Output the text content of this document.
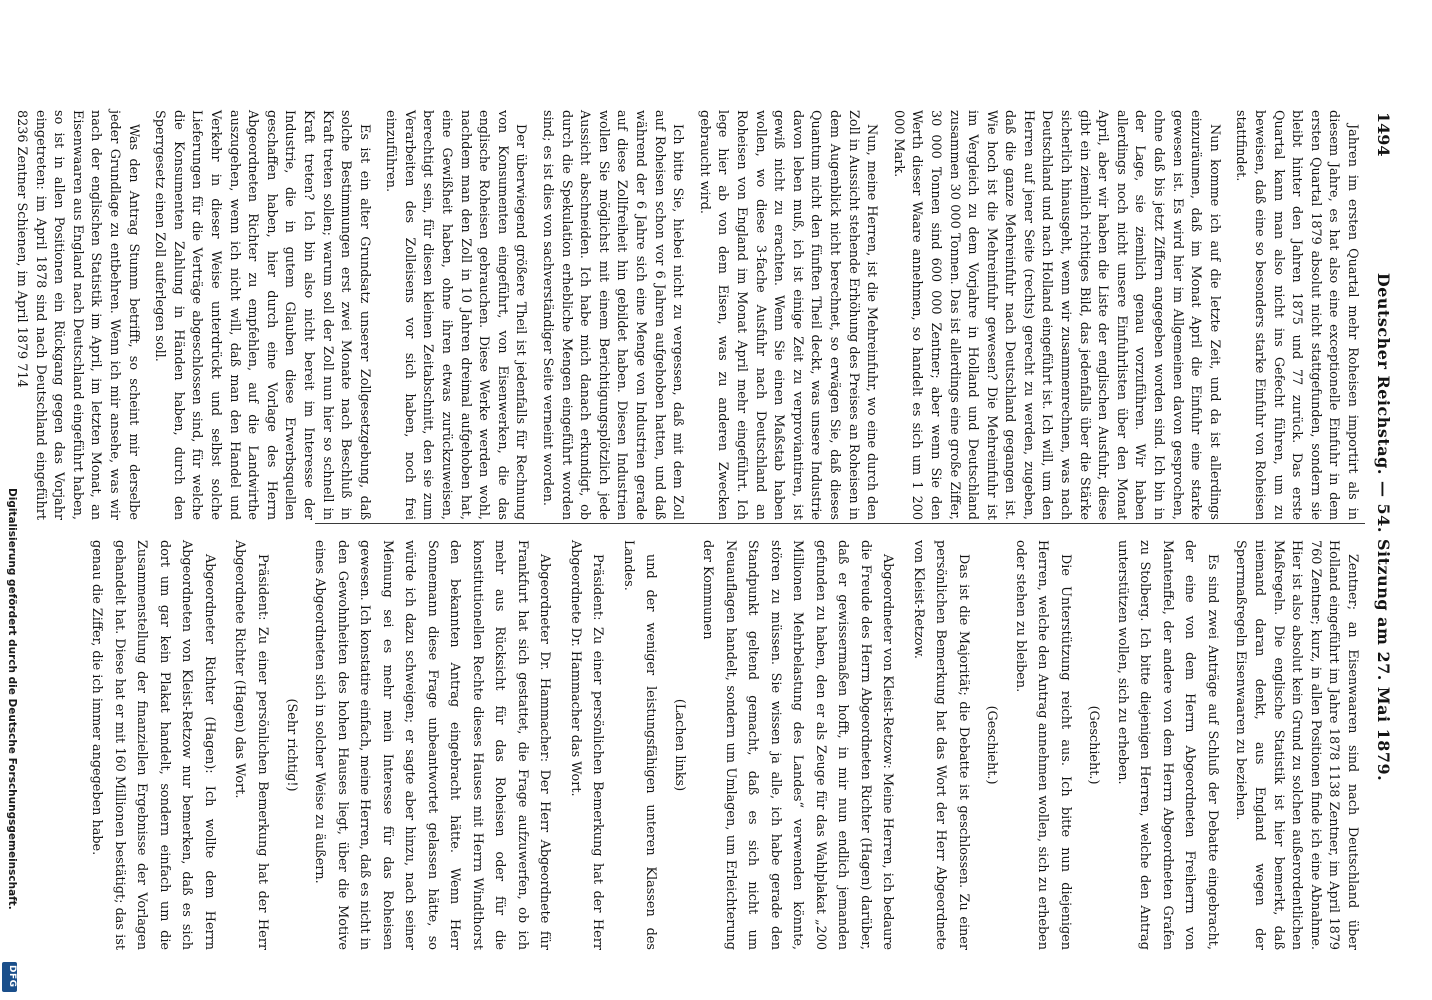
1494
Deutscher Reichstag. — 54. Sitzung am 27. Mai 1879.

Jahren im ersten Quartal mehr Roheisen importirt als in diesem Jahre, es hat also eine exceptionelle Einfuhr in dem ersten Quartal 1879 absolut nicht stattgefunden, sondern sie bleibt hinter den Jahren 1875 und 77 zurück. Das erste Quartal kann man also nicht ins Gefecht führen, um zu beweisen, daß eine so besonders starke Einfuhr von Roheisen stattfindet.

Nun komme ich auf die letzte Zeit, und da ist allerdings einzuräumen, daß im Monat April die Einfuhr eine starke gewesen ist. Es wird hier im Allgemeinen davon gesprochen, ohne daß bis jetzt Ziffern angegeben worden sind. Ich bin in der Lage, sie ziemlich genau vorzuführen. Wir haben allerdings noch nicht unsere Einfuhrlisten über den Monat April, aber wir haben die Liste der englischen Ausfuhr, diese gibt ein ziemlich richtiges Bild, das jedenfalls über die Stärke sicherlich hinausgeht, wenn wir zusammenrechnen, was nach Deutschland und nach Holland eingeführt ist. Ich will, um den Herren auf jener Seite (rechts) gerecht zu werden, zugeben, daß die ganze Mehreinfuhr nach Deutschland gegangen ist. Wie hoch ist die Mehreinfuhr gewesen? Die Mehreinfuhr ist im Vergleich zu dem Vorjahre in Holland und Deutschland zusammen 30 000 Tonnen. Das ist allerdings eine große Ziffer, 30 000 Tonnen sind 600 000 Zentner; aber wenn Sie den Werth dieser Waare annehmen, so handelt es sich um 1 200 000 Mark.

Nun, meine Herren, ist die Mehreinfuhr, wo eine durch den Zoll in Aussicht stehende Erhöhung des Preises an Roheisen in dem Augenblick nicht berechnet, so erwägen Sie, daß dieses Quantum nicht den fünften Theil deckt, was unsere Industrie davon leben muß, ich ist einige Zeit zu verproviantiren, ist gewiß nicht zu erachten. Wenn Sie einen Maßstab haben wollen, wo diese 3-fache Ausfuhr nach Deutschland an Roheisen von England im Monat April mehr eingeführt. Ich lege hier ab von dem Eisen, was zu anderen Zwecken gebraucht wird.

Ich bitte Sie, hiebei nicht zu vergessen, daß mit dem Zoll auf Roheisen schon vor 6 Jahren aufgehoben hatten, und daß während der 6 Jahre sich eine Menge von Industrien gerade auf diese Zollfreiheit hin gebildet haben. Diesen Industrien wollen Sie möglichst mit einem Berichtigungsplötzlich jede Aussicht abschneiden. Ich habe mich danach erkundigt, ob durch die Spekulation erhebliche Mengen eingeführt worden sind; es ist dies von sachverständiger Seite verneint worden.

Der überwiegend größere Theil ist jedenfalls für Rechnung von Konsumenten eingeführt, von Eisenwerken, die das englische Roheisen gebrauchen. Diese Werke werden wohl, nachdem man den Zoll in 10 Jahren dreimal aufgehoben hat, eine Gewißheit haben, ohne ihren etwas zurückzuweisen, berechtigt sein, für diesen kleinen Zeitabschnitt, den sie zum Verarbeiten des Zolleisens vor sich haben, noch frei einzuführen.

Es ist ein alter Grundsatz unserer Zollgesetzgebung, daß solche Bestimmungen erst zwei Monate nach Beschluß in Kraft treten sollen; warum soll der Zoll nun hier so schnell in Kraft treten? Ich bin also nicht bereit im Interesse der Industrie, die in gutem Glauben diese Erwerbsquellen geschaffen haben, hier durch eine Vorlage des Herrn Abgeordneten Richter zu empfehlen, auf die Landwirthe auszugehen, wenn ich nicht will, daß man den Handel und Verkehr in dieser Weise unterdrückt und selbst solche Lieferungen für die Verträge abgeschlossen sind, für welche die Konsumenten Zahlung in Händen haben, durch den Sperrgesetz einen Zoll auferlegen soll.

Was den Antrag Stumm betrifft, so scheint mir derselbe jeder Grundlage zu entbehren. Wenn ich mir ansehe, was wir nach der englischen Statistik im April, im letzten Monat, an Eisenwaaren aus England nach Deutschland eingeführt haben, so ist in allen Positionen ein Rückgang gegen das Vorjahr eingetreten: im April 1878 sind nach Deutschland eingeführt 8236 Zentner Schienen, im April 1879 714

Zentner; an Eisenwaaren sind nach Deutschland über Holland eingeführt im Jahre 1878 1138 Zentner, im April 1879 760 Zentner; kurz, in allen Positionen finde ich eine Abnahme. Hier ist also absolut kein Grund zu solchen außerordentlichen Maßregeln. Die englische Statistik ist hier bemerkt, daß niemand daran denkt, aus England wegen der Sperrmaßregeln Eisenwaaren zu beziehen.

Es sind zwei Anträge auf Schluß der Debatte eingebracht, der eine von dem Herrn Abgeordneten Freiherrn von Mantenffel, der andere von dem Herrn Abgeordneten Grafen zu Stolberg. Ich bitte diejenigen Herren, welche den Antrag unterstützen wollen, sich zu erheben.

(Geschieht.)

Die Unterstützung reicht aus. Ich bitte nun diejenigen Herren, welche den Antrag annehmen wollen, sich zu erheben oder stehen zu bleiben.

(Geschieht.)

Das ist die Majorität; die Debatte ist geschlossen. Zu einer persönlichen Bemerkung hat das Wort der Herr Abgeordnete von Kleist-Retzow.

Abgeordneter von Kleist-Retzow: Meine Herren, ich bedaure die Freude des Herrn Abgeordneten Richter (Hagen) darüber, daß er gewissermaßen hofft, in mir nun endlich jemanden gefunden zu haben, den er als Zeuge für das Wahlplakat „200 Millionen Mehrbelastung des Landes“ verwenden könnte, stören zu müssen. Sie wissen ja alle, ich habe gerade den Standpunkt geltend gemacht, daß es sich nicht um Neuauflagen handelt, sondern um Umlagen, um Erleichterung der Kommunen

(Lachen links)

und der weniger leistungsfähigen unteren Klassen des Landes.

Präsident: Zu einer persönlichen Bemerkung hat der Herr Abgeordnete Dr. Hammacher das Wort.

Abgeordneter Dr. Hammacher: Der Herr Abgeordnete für Frankfurt hat sich gestattet, die Frage aufzuwerfen, ob ich mehr aus Rücksicht für das Roheisen oder für die konstitutionellen Rechte dieses Hauses mit Herrn Windthorst den bekannten Antrag eingebracht hätte. Wenn Herr Sonnemann diese Frage unbeantwortet gelassen hätte, so würde ich dazu schweigen; er sagte aber hinzu, nach seiner Meinung sei es mehr mein Interesse für das Roheisen gewesen. Ich konstatire einfach, meine Herren, daß es nicht in den Gewohnheiten des hohen Hauses liegt, über die Motive eines Abgeordneten sich in solcher Weise zu äußern.

(Sehr richtig!)

Präsident: Zu einer persönlichen Bemerkung hat der Herr Abgeordnete Richter (Hagen) das Wort.

Abgeordneter Richter (Hagen): Ich wollte dem Herrn Abgeordneten von Kleist-Retzow nur bemerken, daß es sich dort um gar kein Plakat handelt, sondern einfach um die Zusammenstellung der finanziellen Ergebnisse der Vorlagen gehandelt hat. Diese hat er mit 160 Millionen bestätigt; das ist genau die Ziffer, die ich immer angegeben habe.

Digitalisierung gefördert durch die Deutsche Forschungsgemeinschaft.
DFG
